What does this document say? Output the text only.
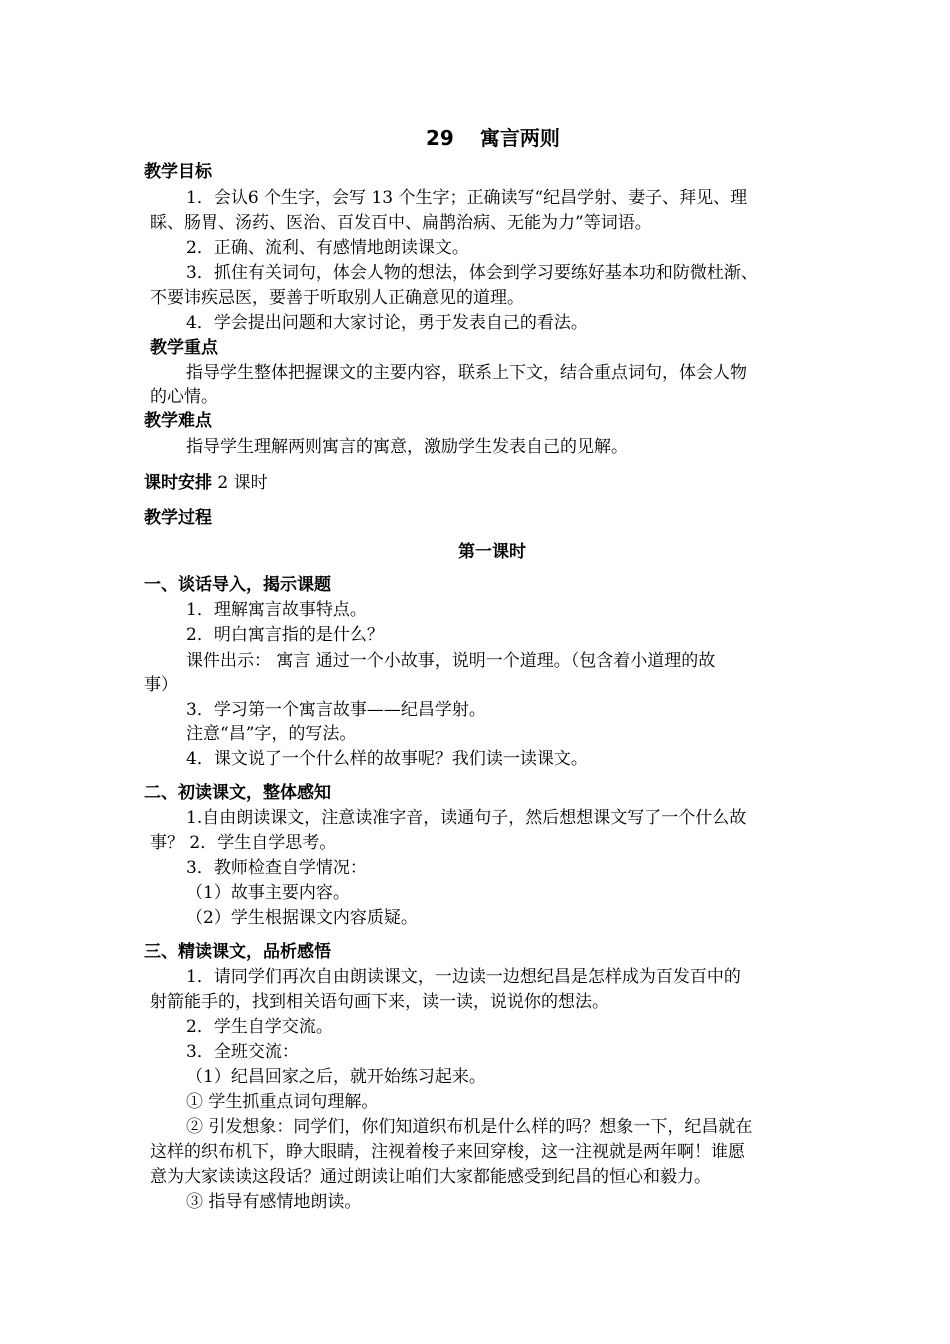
29 寓言两则
教学目标
1．会认6 个生字，会写 13 个生字；正确读写“纪昌学射、妻子、拜见、理
睬、肠胃、汤药、医治、百发百中、扁鹊治病、无能为力”等词语。
2．正确、流利、有感情地朗读课文。
3．抓住有关词句，体会人物的想法，体会到学习要练好基本功和防微杜渐、
不要讳疾忌医，要善于听取别人正确意见的道理。
4．学会提出问题和大家讨论，勇于发表自己的看法。
教学重点
指导学生整体把握课文的主要内容，联系上下文，结合重点词句，体会人物
的心情。
教学难点
指导学生理解两则寓言的寓意，激励学生发表自己的见解。
课时安排 2 课时
教学过程
第一课时
一、谈话导入，揭示课题
1．理解寓言故事特点。
2．明白寓言指的是什么？
课件出示： 寓言 通过一个小故事，说明一个道理。（包含着小道理的故
事）
3．学习第一个寓言故事——纪昌学射。
注意“昌”字，的写法。
4．课文说了一个什么样的故事呢？我们读一读课文。
二、初读课文，整体感知
1.自由朗读课文，注意读准字音，读通句子，然后想想课文写了一个什么故
事？ 2．学生自学思考。
3．教师检查自学情况：
（1）故事主要内容。
（2）学生根据课文内容质疑。
三、精读课文，品析感悟
1．请同学们再次自由朗读课文，一边读一边想纪昌是怎样成为百发百中的
射箭能手的，找到相关语句画下来，读一读，说说你的想法。
2．学生自学交流。
3．全班交流：
（1）纪昌回家之后，就开始练习起来。
① 学生抓重点词句理解。
② 引发想象：同学们，你们知道织布机是什么样的吗？想象一下，纪昌就在
这样的织布机下，睁大眼睛，注视着梭子来回穿梭，这一注视就是两年啊！谁愿
意为大家读读这段话？通过朗读让咱们大家都能感受到纪昌的恒心和毅力。
③ 指导有感情地朗读。
